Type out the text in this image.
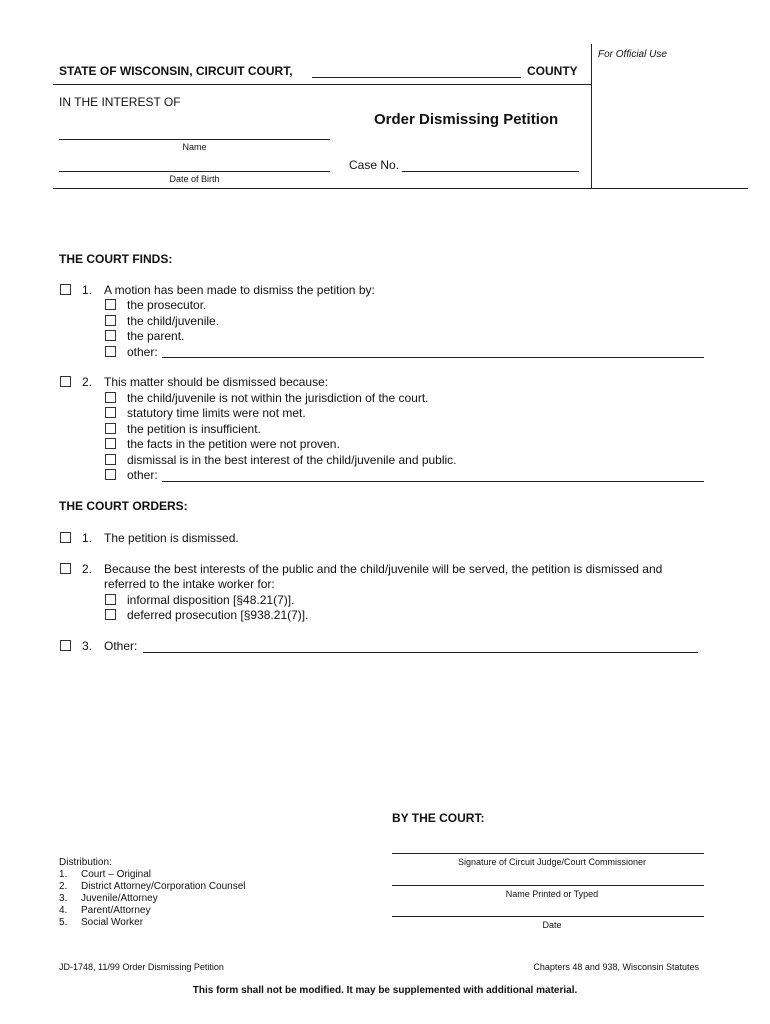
For Official Use
STATE OF WISCONSIN, CIRCUIT COURT,	COUNTY
IN THE INTEREST OF
Order Dismissing Petition
Name
Date of Birth
Case No.
THE COURT FINDS:
1. A motion has been made to dismiss the petition by:
the prosecutor.
the child/juvenile.
the parent.
other:
2. This matter should be dismissed because:
the child/juvenile is not within the jurisdiction of the court.
statutory time limits were not met.
the petition is insufficient.
the facts in the petition were not proven.
dismissal is in the best interest of the child/juvenile and public.
other:
THE COURT ORDERS:
1. The petition is dismissed.
2. Because the best interests of the public and the child/juvenile will be served, the petition is dismissed and
referred to the intake worker for:
informal disposition [§48.21(7)].
deferred prosecution [§938.21(7)].
3. Other:
BY THE COURT:
Signature of Circuit Judge/Court Commissioner
Name Printed or Typed
Date
Distribution:
1.	Court – Original
2.	District Attorney/Corporation Counsel
3.	Juvenile/Attorney
4.	Parent/Attorney
5.	Social Worker
JD-1748, 11/99 Order Dismissing Petition	Chapters 48 and 938, Wisconsin Statutes
This form shall not be modified. It may be supplemented with additional material.
